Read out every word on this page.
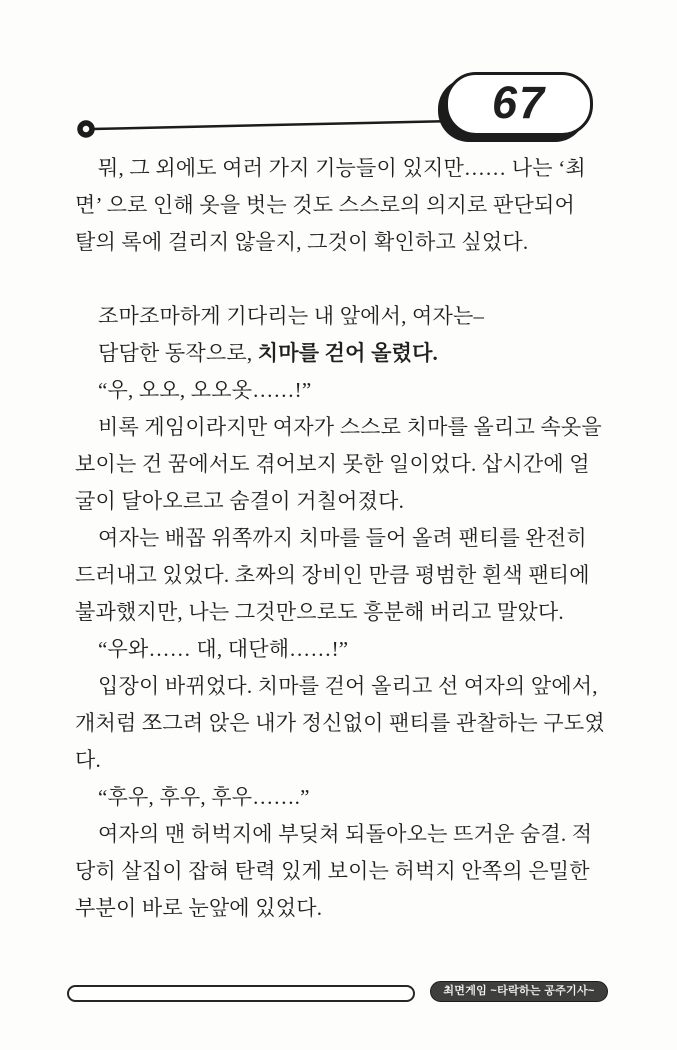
67
뭐, 그 외에도 여러 가지 기능들이 있지만…… 나는 ‘최
면’ 으로 인해 옷을 벗는 것도 스스로의 의지로 판단되어
탈의 록에 걸리지 않을지, 그것이 확인하고 싶었다.
조마조마하게 기다리는 내 앞에서, 여자는–
담담한 동작으로, 치마를 걷어 올렸다.
“우, 오오, 오오옷……!”
비록 게임이라지만 여자가 스스로 치마를 올리고 속옷을
보이는 건 꿈에서도 겪어보지 못한 일이었다. 삽시간에 얼
굴이 달아오르고 숨결이 거칠어졌다.
여자는 배꼽 위쪽까지 치마를 들어 올려 팬티를 완전히
드러내고 있었다. 초짜의 장비인 만큼 평범한 흰색 팬티에
불과했지만, 나는 그것만으로도 흥분해 버리고 말았다.
“우와…… 대, 대단해……!”
입장이 바뀌었다. 치마를 걷어 올리고 선 여자의 앞에서,
개처럼 쪼그려 앉은 내가 정신없이 팬티를 관찰하는 구도였
다.
“후우, 후우, 후우…….”
여자의 맨 허벅지에 부딪쳐 되돌아오는 뜨거운 숨결. 적
당히 살집이 잡혀 탄력 있게 보이는 허벅지 안쪽의 은밀한
부분이 바로 눈앞에 있었다.
최면게임 ~타락하는 공주기사~
